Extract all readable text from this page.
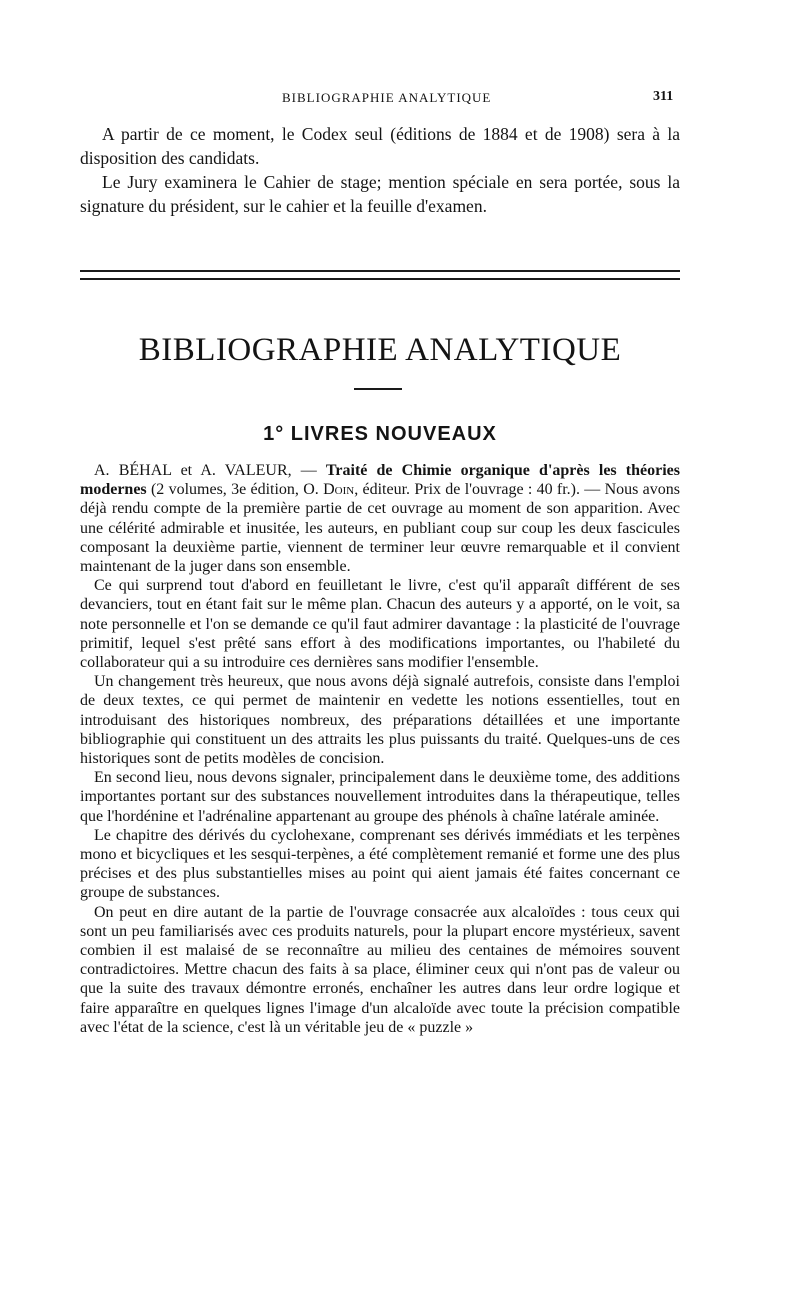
BIBLIOGRAPHIE ANALYTIQUE	311

A partir de ce moment, le Codex seul (éditions de 1884 et de 1908) sera à la disposition des candidats.

Le Jury examinera le Cahier de stage; mention spéciale en sera portée, sous la signature du président, sur le cahier et la feuille d'examen.

BIBLIOGRAPHIE ANALYTIQUE
1° LIVRES NOUVEAUX

A. BÉHAL et A. VALEUR, — Traité de Chimie organique d'après les théories modernes (2 volumes, 3e édition, O. Doin, éditeur. Prix de l'ouvrage : 40 fr.). — Nous avons déjà rendu compte de la première partie de cet ouvrage au moment de son apparition. Avec une célérité admirable et inusitée, les auteurs, en publiant coup sur coup les deux fascicules composant la deuxième partie, viennent de terminer leur œuvre remarquable et il convient maintenant de la juger dans son ensemble.

Ce qui surprend tout d'abord en feuilletant le livre, c'est qu'il apparaît différent de ses devanciers, tout en étant fait sur le même plan. Chacun des auteurs y a apporté, on le voit, sa note personnelle et l'on se demande ce qu'il faut admirer davantage : la plasticité de l'ouvrage primitif, lequel s'est prêté sans effort à des modifications importantes, ou l'habileté du collaborateur qui a su introduire ces dernières sans modifier l'ensemble.

Un changement très heureux, que nous avons déjà signalé autrefois, consiste dans l'emploi de deux textes, ce qui permet de maintenir en vedette les notions essentielles, tout en introduisant des historiques nombreux, des préparations détaillées et une importante bibliographie qui constituent un des attraits les plus puissants du traité. Quelques-uns de ces historiques sont de petits modèles de concision.

En second lieu, nous devons signaler, principalement dans le deuxième tome, des additions importantes portant sur des substances nouvellement introduites dans la thérapeutique, telles que l'hordénine et l'adrénaline appartenant au groupe des phénols à chaîne latérale aminée.

Le chapitre des dérivés du cyclohexane, comprenant ses dérivés immédiats et les terpènes mono et bicycliques et les sesqui-terpènes, a été complètement remanié et forme une des plus précises et des plus substantielles mises au point qui aient jamais été faites concernant ce groupe de substances.

On peut en dire autant de la partie de l'ouvrage consacrée aux alcaloïdes : tous ceux qui sont un peu familiarisés avec ces produits naturels, pour la plupart encore mystérieux, savent combien il est malaisé de se reconnaître au milieu des centaines de mémoires souvent contradictoires. Mettre chacun des faits à sa place, éliminer ceux qui n'ont pas de valeur ou que la suite des travaux démontre erronés, enchaîner les autres dans leur ordre logique et faire apparaître en quelques lignes l'image d'un alcaloïde avec toute la précision compatible avec l'état de la science, c'est là un véritable jeu de « puzzle »
